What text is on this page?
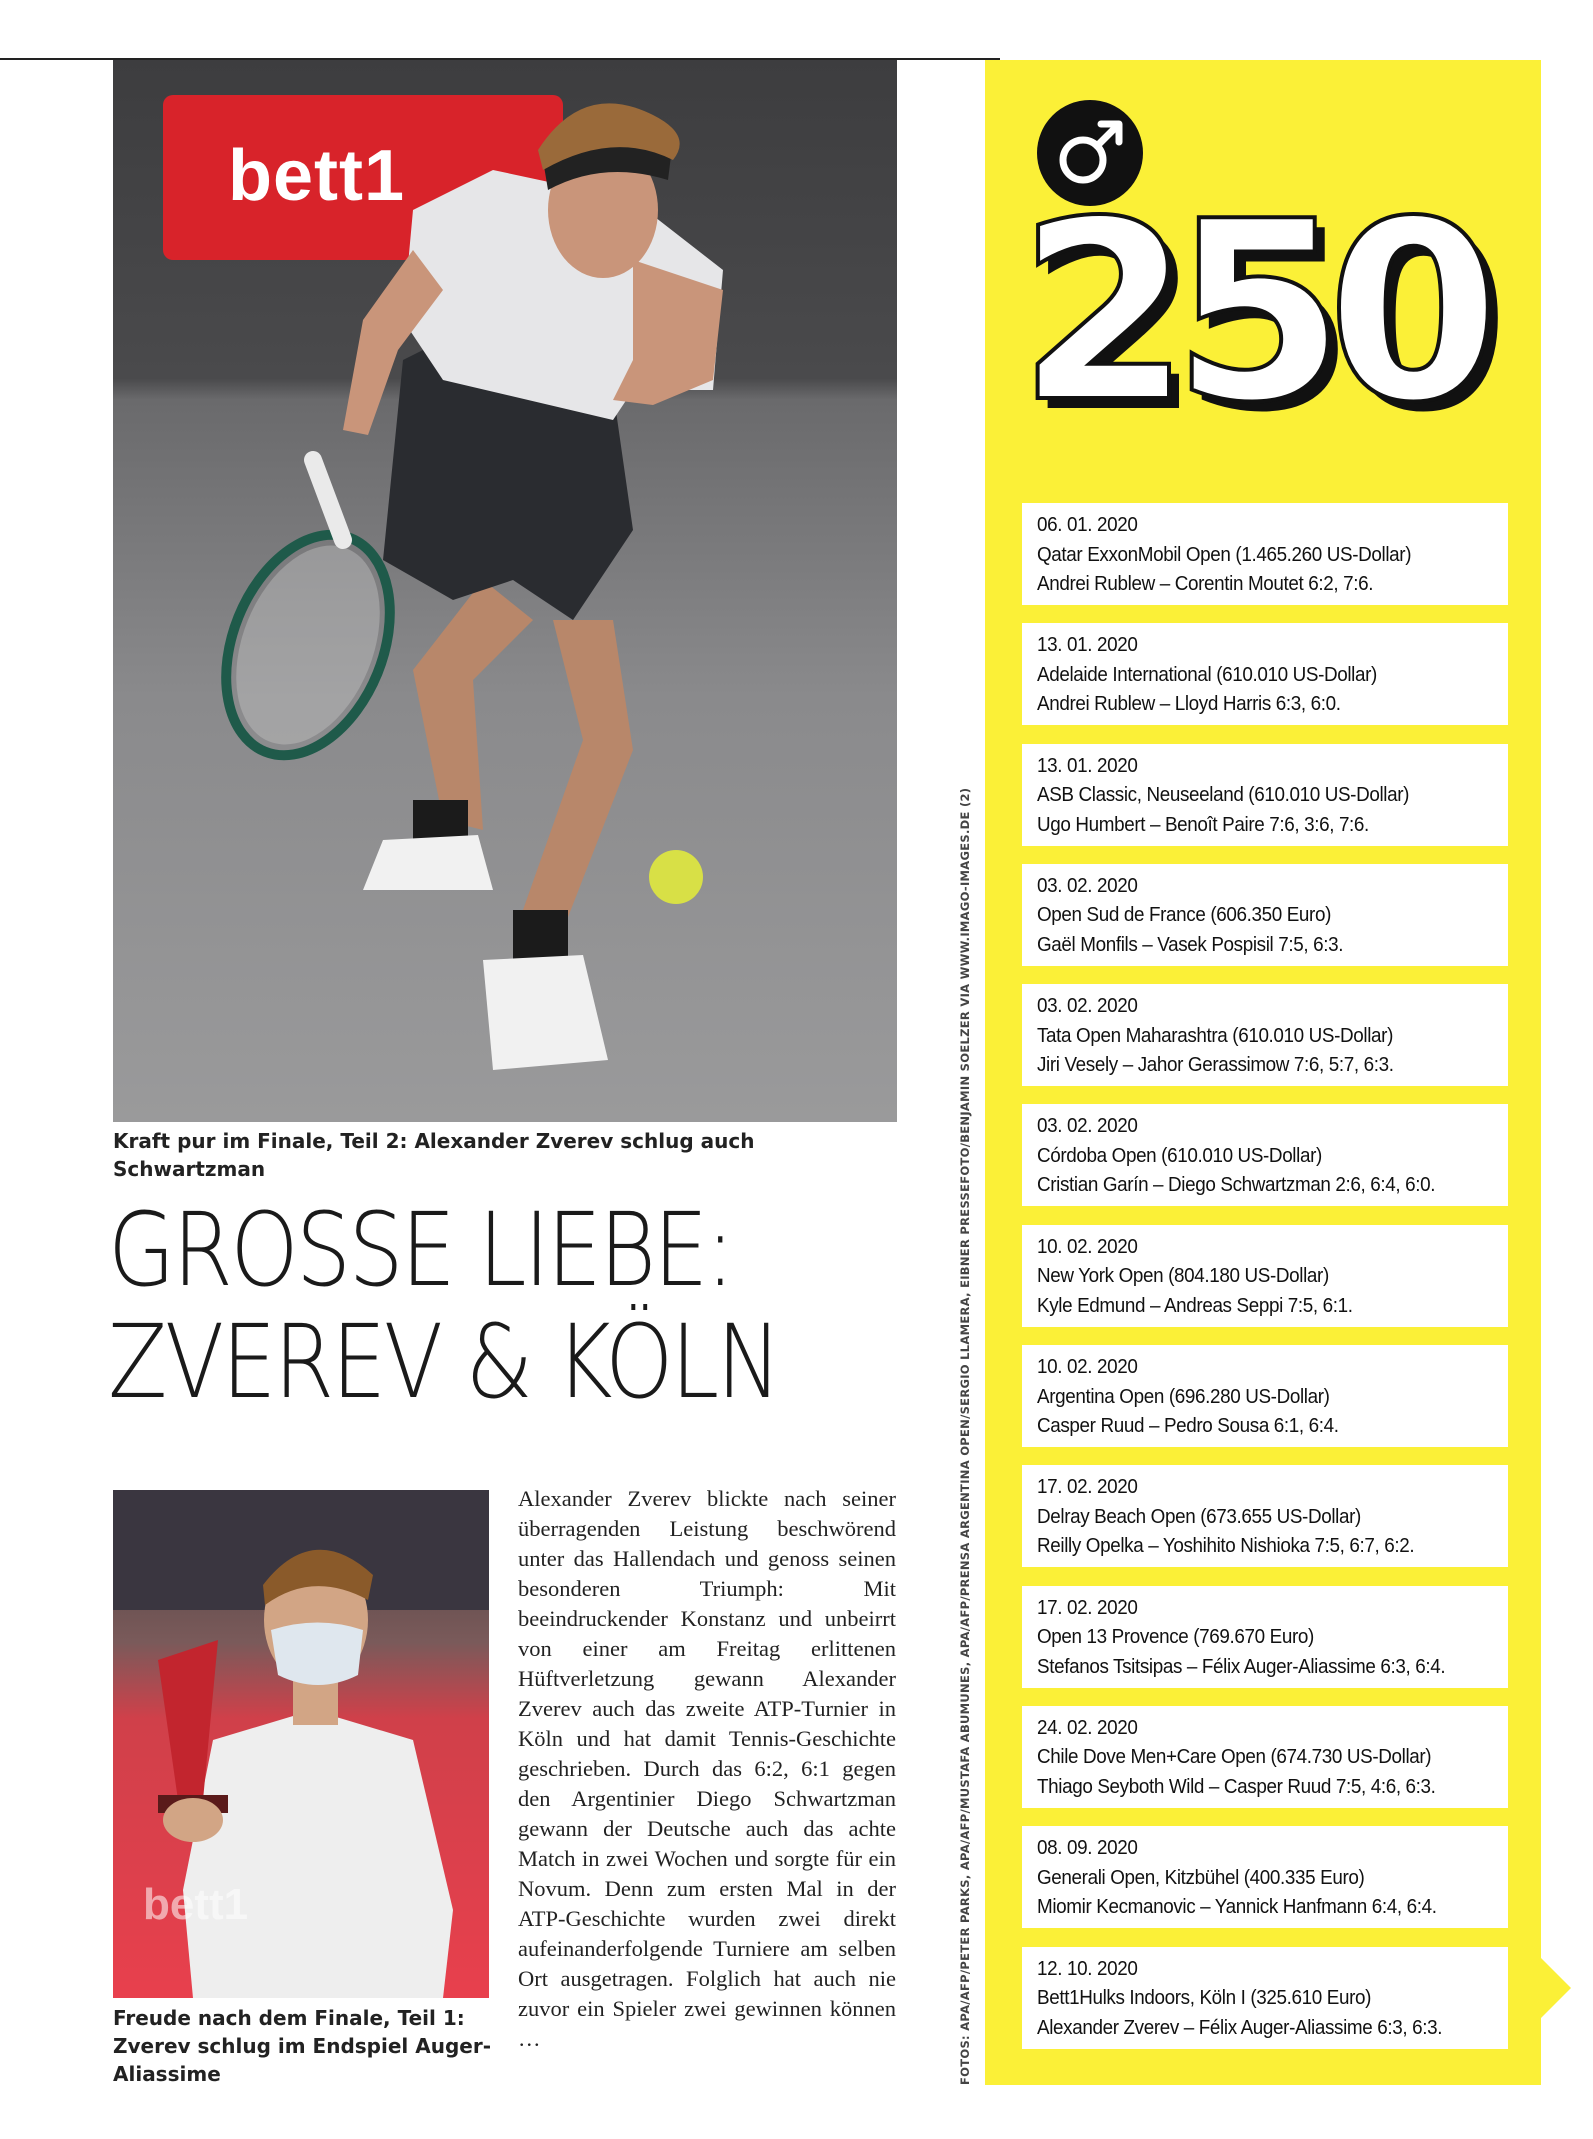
bett1
Kraft pur im Finale, Teil 2: Alexander Zverev schlug auch Schwartzman
GROSSE LIEBE:
ZVEREV & KÖLN
bett1
Freude nach dem Finale, Teil 1: Zverev schlug im Endspiel Auger-Aliassime
Alexander Zverev blickte nach seiner überragenden Leistung beschwörend unter das Hallendach und genoss seinen besonderen Triumph: Mit beeindruckender Konstanz und unbeirrt von einer am Freitag erlittenen Hüftverletzung gewann Alexander Zverev auch das zweite ATP-Turnier in Köln und hat damit Tennis-Geschichte geschrieben. Durch das 6:2, 6:1 gegen den Argentinier Diego Schwartzman gewann der Deutsche auch das achte Match in zwei Wochen und sorgte für ein Novum. Denn zum ersten Mal in der ATP-Geschichte wurden zwei direkt aufeinanderfolgende Turniere am selben Ort ausgetragen. Folglich hat auch nie zuvor ein Spieler zwei gewinnen können …	FOTOS: APA/AFP/PETER PARKS, APA/AFP/MUSTAFA ABUMUNES, APA/AFP/PRENSA ARGENTINA OPEN/SERGIO LLAMERA, EIBNER PRESSEFOTO/BENJAMIN SOELZER VIA WWW.IMAGO-IMAGES.DE (2)
250
06. 01. 2020
Qatar ExxonMobil Open (1.465.260 US-Dollar)
Andrei Rublew – Corentin Moutet 6:2, 7:6.
13. 01. 2020
Adelaide International (610.010 US-Dollar)
Andrei Rublew – Lloyd Harris 6:3, 6:0.
13. 01. 2020
ASB Classic, Neuseeland (610.010 US-Dollar)
Ugo Humbert – Benoît Paire 7:6, 3:6, 7:6.
03. 02. 2020
Open Sud de France (606.350 Euro)
Gaël Monfils – Vasek Pospisil 7:5, 6:3.
03. 02. 2020
Tata Open Maharashtra (610.010 US-Dollar)
Jiri Vesely – Jahor Gerassimow 7:6, 5:7, 6:3.
03. 02. 2020
Córdoba Open (610.010 US-Dollar)
Cristian Garín – Diego Schwartzman 2:6, 6:4, 6:0.
10. 02. 2020
New York Open (804.180 US-Dollar)
Kyle Edmund – Andreas Seppi 7:5, 6:1.
10. 02. 2020
Argentina Open (696.280 US-Dollar)
Casper Ruud – Pedro Sousa 6:1, 6:4.
17. 02. 2020
Delray Beach Open (673.655 US-Dollar)
Reilly Opelka – Yoshihito Nishioka 7:5, 6:7, 6:2.
17. 02. 2020
Open 13 Provence (769.670 Euro)
Stefanos Tsitsipas – Félix Auger-Aliassime 6:3, 6:4.
24. 02. 2020
Chile Dove Men+Care Open (674.730 US-Dollar)
Thiago Seyboth Wild – Casper Ruud 7:5, 4:6, 6:3.
08. 09. 2020
Generali Open, Kitzbühel (400.335 Euro)
Miomir Kecmanovic – Yannick Hanfmann 6:4, 6:4.
12. 10. 2020
Bett1Hulks Indoors, Köln I (325.610 Euro)
Alexander Zverev – Félix Auger-Aliassime 6:3, 6:3.
